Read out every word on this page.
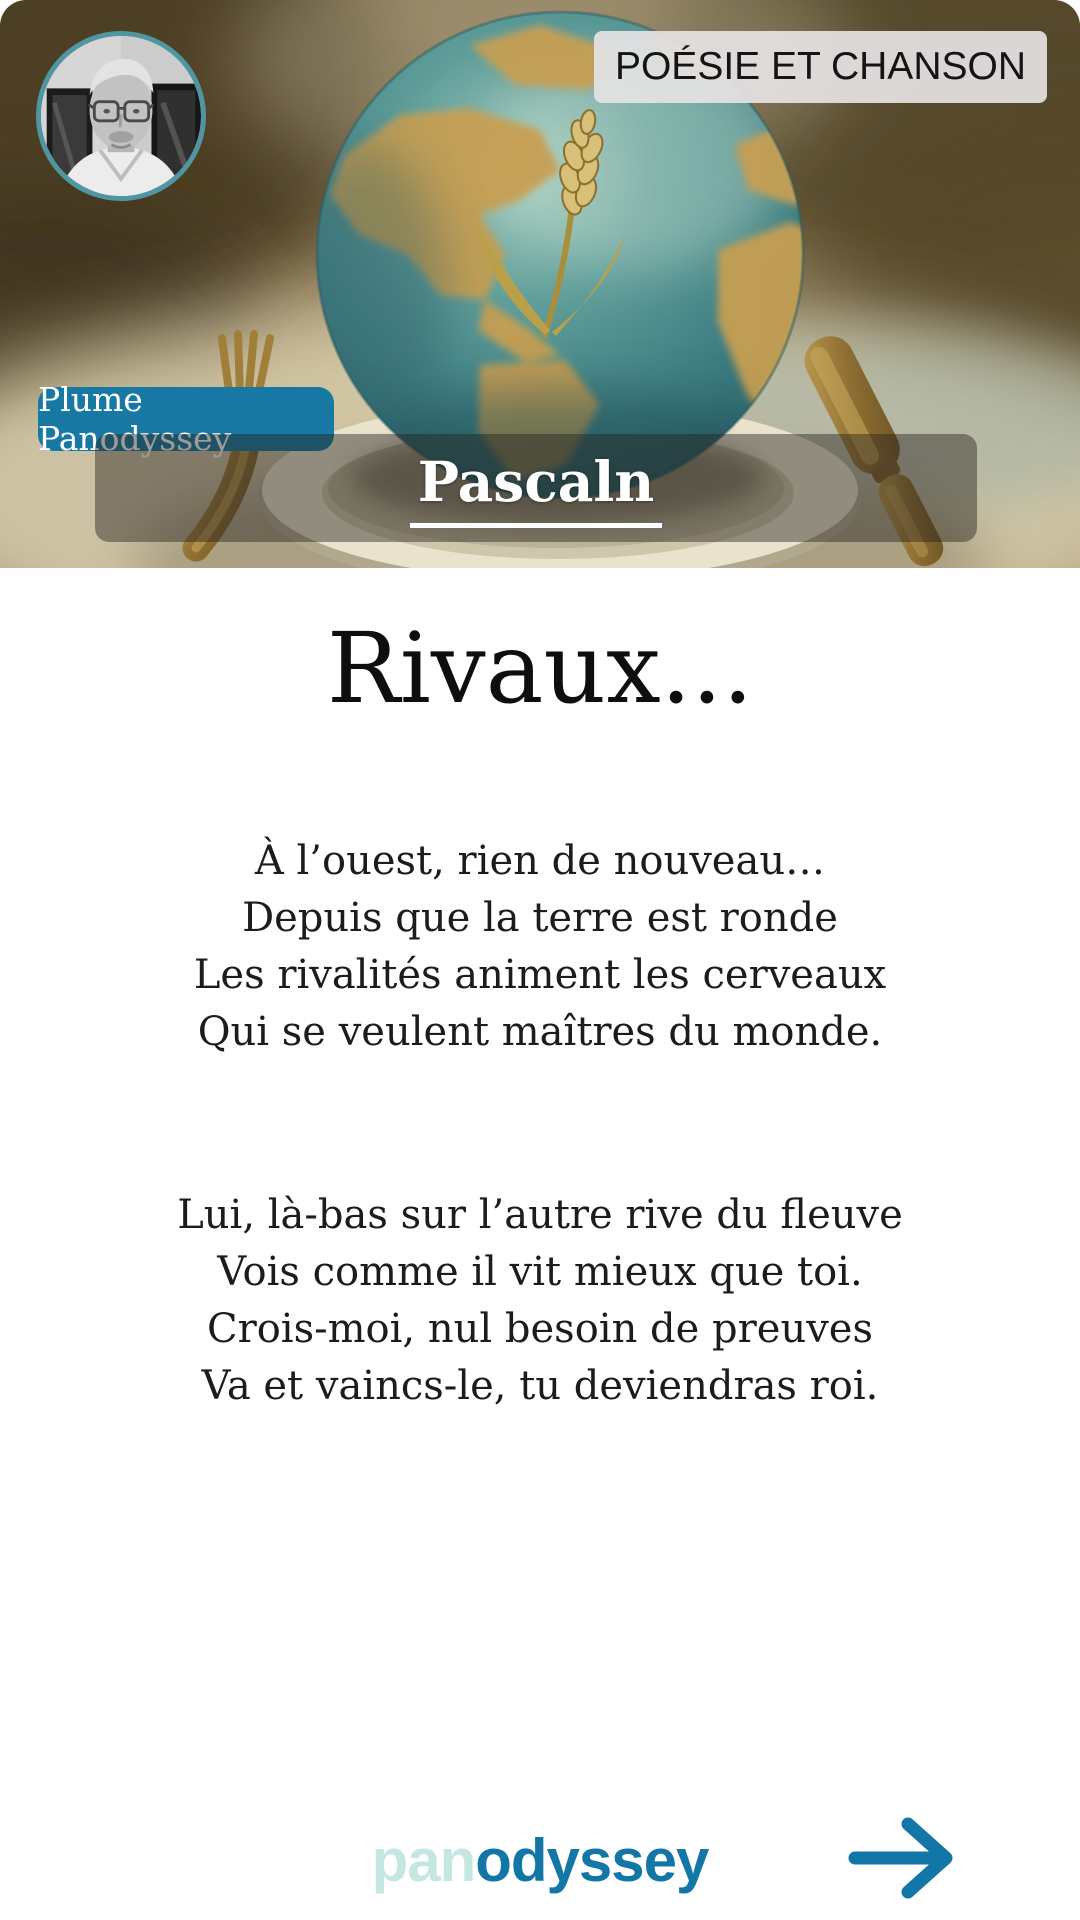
POÉSIE ET CHANSON
Plume Panodyssey
Pascaln
Rivaux...
À l’ouest, rien de nouveau…
Depuis que la terre est ronde
Les rivalités animent les cerveaux
Qui se veulent maîtres du monde.
Lui, là-bas sur l’autre rive du fleuve
Vois comme il vit mieux que toi.
Crois-moi, nul besoin de preuves
Va et vaincs-le, tu deviendras roi.
panodyssey
